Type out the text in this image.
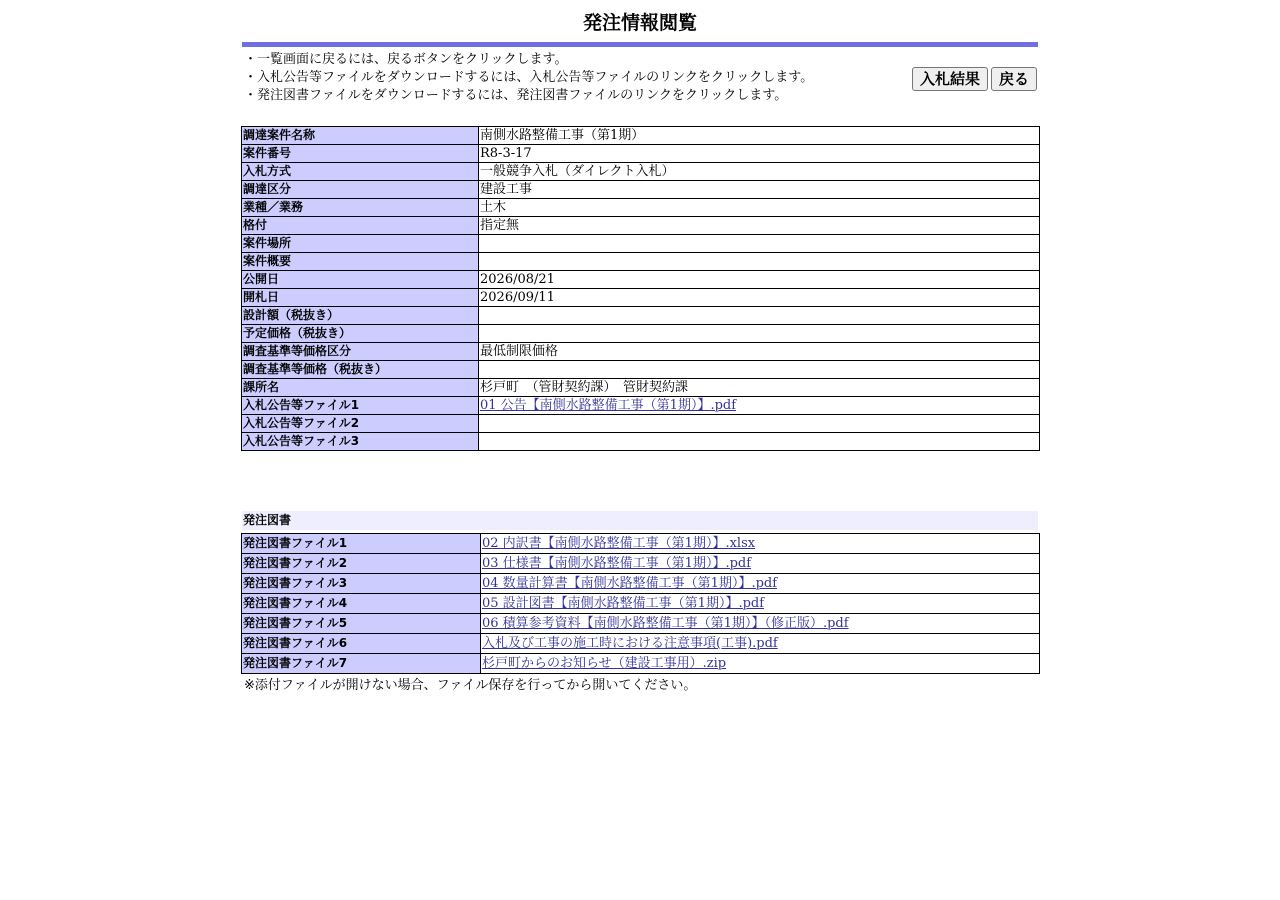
発注情報閲覧
・一覧画面に戻るには、戻るボタンをクリックします。
・入札公告等ファイルをダウンロードするには、入札公告等ファイルのリンクをクリックします。
・発注図書ファイルをダウンロードするには、発注図書ファイルのリンクをクリックします。
入札結果	戻る
調達案件名称	南側水路整備工事（第1期）
案件番号	R8-3-17
入札方式	一般競争入札（ダイレクト入札）
調達区分	建設工事
業種／業務	土木
格付	指定無
案件場所	
案件概要	
公開日	2026/08/21
開札日	2026/09/11
設計額（税抜き）	
予定価格（税抜き）	
調査基準等価格区分	最低制限価格
調査基準等価格（税抜き）	
課所名	杉戸町　（管財契約課）　管財契約課
入札公告等ファイル1	01 公告【南側水路整備工事（第1期）】.pdf
入札公告等ファイル2	
入札公告等ファイル3	
発注図書
発注図書ファイル1	02 内訳書【南側水路整備工事（第1期）】.xlsx
発注図書ファイル2	03 仕様書【南側水路整備工事（第1期）】.pdf
発注図書ファイル3	04 数量計算書【南側水路整備工事（第1期）】.pdf
発注図書ファイル4	05 設計図書【南側水路整備工事（第1期）】.pdf
発注図書ファイル5	06 積算参考資料【南側水路整備工事（第1期）】（修正版）.pdf
発注図書ファイル6	入札及び工事の施工時における注意事項(工事).pdf
発注図書ファイル7	杉戸町からのお知らせ（建設工事用）.zip
※添付ファイルが開けない場合、ファイル保存を行ってから開いてください。
